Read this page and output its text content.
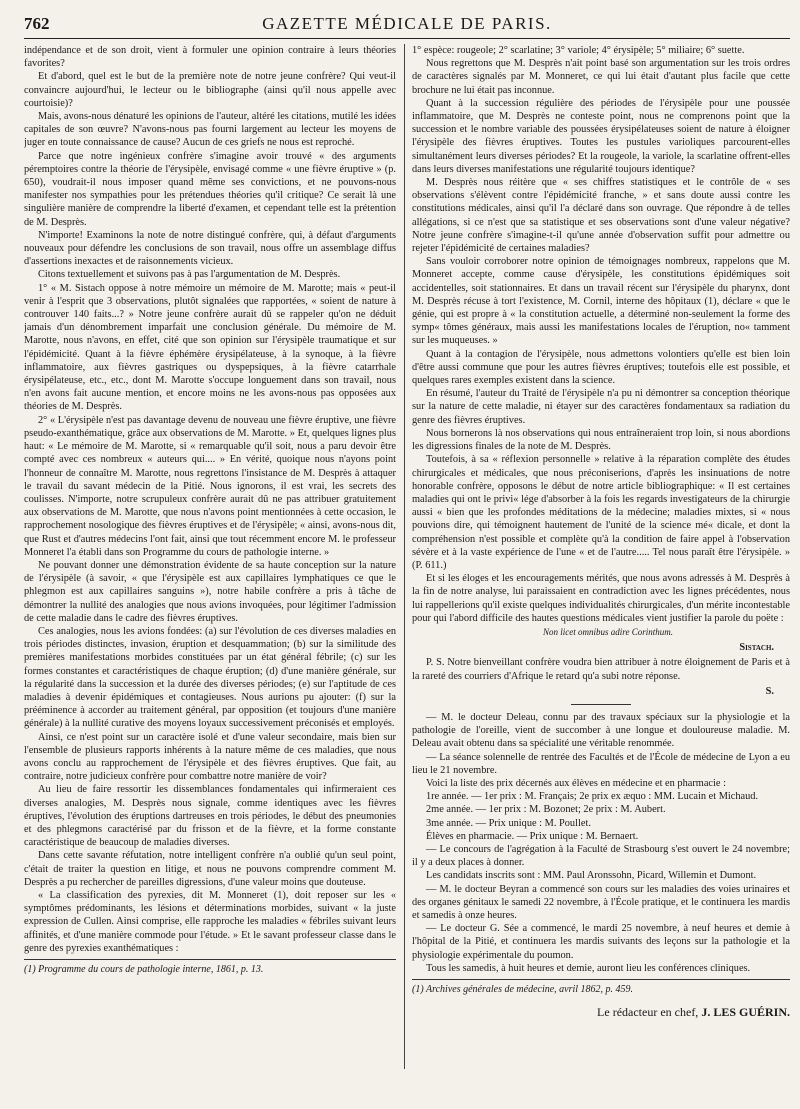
762	GAZETTE MÉDICALE DE PARIS.

indépendance et de son droit, vient à formuler une opinion contraire à leurs théories favorites?

Et d'abord, quel est le but de la première note de notre jeune confrère? Qui veut-il convaincre aujourd'hui, le lecteur ou le bibliographe (ainsi qu'il nous appelle avec courtoisie)?

Mais, avons-nous dénaturé les opinions de l'auteur, altéré les citations, mutilé les idées capitales de son œuvre? N'avons-nous pas fourni largement au lecteur les moyens de juger en toute connaissance de cause? Aucun de ces griefs ne nous est reproché.

Parce que notre ingénieux confrère s'imagine avoir trouvé « des arguments péremptoires contre la théorie de l'érysipèle, envisagé comme « une fièvre éruptive » (p. 650), voudrait-il nous imposer quand même ses convictions, et ne pouvons-nous manifester nos sympathies pour les prétendues théories qu'il critique? Ce serait là une singulière manière de comprendre la liberté d'examen, et cependant telle est la prétention de M. Desprès.

N'importe! Examinons la note de notre distingué confrère, qui, à défaut d'arguments nouveaux pour défendre les conclusions de son travail, nous offre un assemblage diffus d'assertions inexactes et de raisonnements vicieux.

Citons textuellement et suivons pas à pas l'argumentation de M. Desprès.

1° « M. Sistach oppose à notre mémoire un mémoire de M. Marotte; mais « peut-il venir à l'esprit que 3 observations, plutôt signalées que rapportées, « soient de nature à controuver 140 faits...? » Notre jeune confrère aurait dû se rappeler qu'on ne déduit jamais d'un dénombrement imparfait une conclusion générale. Du mémoire de M. Marotte, nous n'avons, en effet, cité que son opinion sur l'érysipèle traumatique et sur l'épidémicité. Quant à la fièvre éphémère érysipélateuse, à la synoque, à la fièvre inflammatoire, aux fièvres gastriques ou dyspepsiques, à la fièvre catarrhale érysipélateuse, etc., etc., dont M. Marotte s'occupe longuement dans son travail, nous n'en avons fait aucune mention, et encore moins ne les avons-nous pas opposées aux théories de M. Desprès.

2° « L'érysipèle n'est pas davantage devenu de nouveau une fièvre éruptive, une fièvre pseudo-exanthématique, grâce aux observations de M. Marotte. » Et, quelques lignes plus haut: « Le mémoire de M. Marotte, si « remarquable qu'il soit, nous a paru devoir être compté avec ces nombreux « auteurs qui.... » En vérité, quoique nous n'ayons point l'honneur de connaître M. Marotte, nous regrettons l'insistance de M. Desprès à attaquer le travail du savant médecin de la Pitié. Nous ignorons, il est vrai, les secrets des coulisses. N'importe, notre scrupuleux confrère aurait dû ne pas attribuer gratuitement aux observations de M. Marotte, que nous n'avons point mentionnées à cette occasion, le rapprochement nosologique des fièvres éruptives et de l'érysipèle; « ainsi, avons-nous dit, que Rust et d'autres médecins l'ont fait, ainsi que tout récemment encore M. le professeur Monneret l'a établi dans son Programme du cours de pathologie interne. »

Ne pouvant donner une démonstration évidente de sa haute conception sur la nature de l'érysipèle (à savoir, « que l'érysipèle est aux capillaires lymphatiques ce que le phlegmon est aux capillaires sanguins »), notre habile confrère a pris à tâche de démontrer la nullité des analogies que nous avions invoquées, pour légitimer l'admission de cette maladie dans le cadre des fièvres éruptives.

Ces analogies, nous les avions fondées: (a) sur l'évolution de ces diverses maladies en trois périodes distinctes, invasion, éruption et desquammation; (b) sur la similitude des premières manifestations morbides constituées par un état général fébrile; (c) sur les formes constantes et caractéristiques de chaque éruption; (d) d'une manière générale, sur la régularité dans la succession et la durée des diverses périodes; (e) sur l'aptitude de ces maladies à devenir épidémiques et contagieuses. Nous aurions pu ajouter: (f) sur la prééminence à accorder au traitement général, par opposition (et toujours d'une manière générale) à la nullité curative des moyens loyaux successivement préconisés et employés.

Ainsi, ce n'est point sur un caractère isolé et d'une valeur secondaire, mais bien sur l'ensemble de plusieurs rapports inhérents à la nature même de ces maladies, que nous avons conclu au rapprochement de l'érysipèle et des fièvres éruptives. Que fait, au contraire, notre judicieux confrère pour combattre notre manière de voir?

Au lieu de faire ressortir les dissemblances fondamentales qui infirmeraient ces diverses analogies, M. Desprès nous signale, comme identiques avec les fièvres éruptives, l'évolution des éruptions dartreuses en trois périodes, le début des pneumonies et des phlegmons caractérisé par du frisson et de la fièvre, et la forme constante caractéristique de beaucoup de maladies diverses.

Dans cette savante réfutation, notre intelligent confrère n'a oublié qu'un seul point, c'était de traiter la question en litige, et nous ne pouvons comprendre comment M. Desprès a pu rechercher de pareilles digressions, d'une valeur moins que douteuse.

« La classification des pyrexies, dit M. Monneret (1), doit reposer sur les « symptômes prédominants, les lésions et déterminations morbides, suivant « la juste expression de Cullen. Ainsi comprise, elle rapproche les maladies « fébriles suivant leurs affinités, et d'une manière commode pour l'étude. » Et le savant professeur classe dans le genre des pyrexies exanthématiques :

(1) Programme du cours de pathologie interne, 1861, p. 13.

1° espèce: rougeole; 2° scarlatine; 3° variole; 4° érysipèle; 5° miliaire; 6° suette.

Nous regrettons que M. Desprès n'ait point basé son argumentation sur les trois ordres de caractères signalés par M. Monneret, ce qui lui était d'autant plus facile que cette brochure ne lui était pas inconnue.

Quant à la succession régulière des périodes de l'érysipèle pour une poussée inflammatoire, que M. Desprès ne conteste point, nous ne comprenons point que la succession et le nombre variable des poussées érysipélateuses soient de nature à éloigner l'érysipèle des fièvres éruptives. Toutes les pustules varioliques parcourent-elles simultanément leurs diverses périodes? Et la rougeole, la variole, la scarlatine offrent-elles dans leurs diverses manifestations une régularité toujours identique?

M. Desprès nous réitère que « ses chiffres statistiques et le contrôle de « ses observations s'élèvent contre l'épidémicité franche, » et sans doute aussi contre les constitutions médicales, ainsi qu'il l'a déclaré dans son ouvrage. Que répondre à de telles allégations, si ce n'est que sa statistique et ses observations sont d'une valeur négative? Notre jeune confrère s'imagine-t-il qu'une année d'observation suffit pour admettre ou rejeter l'épidémicité de certaines maladies?

Sans vouloir corroborer notre opinion de témoignages nombreux, rappelons que M. Monneret accepte, comme cause d'érysipèle, les constitutions épidémiques soit accidentelles, soit stationnaires. Et dans un travail récent sur l'érysipèle du pharynx, dont M. Desprès récuse à tort l'existence, M. Cornil, interne des hôpitaux (1), déclare « que le génie, qui est propre à « la constitution actuelle, a déterminé non-seulement la forme des symp« tômes généraux, mais aussi les manifestations locales de l'éruption, no« tamment sur les muqueuses. »

Quant à la contagion de l'érysipèle, nous admettons volontiers qu'elle est bien loin d'être aussi commune que pour les autres fièvres éruptives; toutefois elle est possible, et quelques rares exemples existent dans la science.

En résumé, l'auteur du Traité de l'érysipèle n'a pu ni démontrer sa conception théorique sur la nature de cette maladie, ni étayer sur des caractères fondamentaux sa radiation du genre des fièvres éruptives.

Nous bornerons là nos observations qui nous entraîneraient trop loin, si nous abordions les digressions finales de la note de M. Desprès.

Toutefois, à sa « réflexion personnelle » relative à la réparation complète des études chirurgicales et médicales, que nous préconiserions, d'après les insinuations de notre honorable confrère, opposons le début de notre article bibliographique: « Il est certaines maladies qui ont le privi« lége d'absorber à la fois les regards investigateurs de la chirurgie aussi « bien que les profondes méditations de la médecine; maladies mixtes, si « nous pouvions dire, qui témoignent hautement de l'unité de la science mé« dicale, et dont la compréhension n'est possible et complète qu'à la condition de faire appel à l'observation sévère et à la vaste expérience de l'une « et de l'autre..... Tel nous paraît être l'érysipèle. » (P. 611.)

Et si les éloges et les encouragements mérités, que nous avons adressés à M. Desprès à la fin de notre analyse, lui paraissaient en contradiction avec les lignes précédentes, nous lui rappellerions qu'il existe quelques individualités chirurgicales, d'un mérite incontestable pour qui l'abord difficile des hautes questions médicales vient justifier la parole du poëte :

Non licet omnibus adire Corinthum.

Sistach.

P. S. Notre bienveillant confrère voudra bien attribuer à notre éloignement de Paris et à la rareté des courriers d'Afrique le retard qu'a subi notre réponse.

S.

— M. le docteur Deleau, connu par des travaux spéciaux sur la physiologie et la pathologie de l'oreille, vient de succomber à une longue et douloureuse maladie. M. Deleau avait obtenu dans sa spécialité une véritable renommée.

— La séance solennelle de rentrée des Facultés et de l'École de médecine de Lyon a eu lieu le 21 novembre.

Voici la liste des prix décernés aux élèves en médecine et en pharmacie :

1re année. — 1er prix : M. Français; 2e prix ex æquo : MM. Lucain et Michaud.

2me année. — 1er prix : M. Bozonet; 2e prix : M. Aubert.

3me année. — Prix unique : M. Poullet.

Élèves en pharmacie. — Prix unique : M. Bernaert.

— Le concours de l'agrégation à la Faculté de Strasbourg s'est ouvert le 24 novembre; il y a deux places à donner.

Les candidats inscrits sont : MM. Paul Aronssohn, Picard, Willemin et Dumont.

— M. le docteur Beyran a commencé son cours sur les maladies des voies urinaires et des organes génitaux le samedi 22 novembre, à l'École pratique, et le continuera les mardis et samedis à onze heures.

— Le docteur G. Sée a commencé, le mardi 25 novembre, à neuf heures et demie à l'hôpital de la Pitié, et continuera les mardis suivants des leçons sur la pathologie et la physiologie expérimentale du poumon.

Tous les samedis, à huit heures et demie, auront lieu les conférences cliniques.

(1) Archives générales de médecine, avril 1862, p. 459.

Le rédacteur en chef, J. LES GUÉRIN.
